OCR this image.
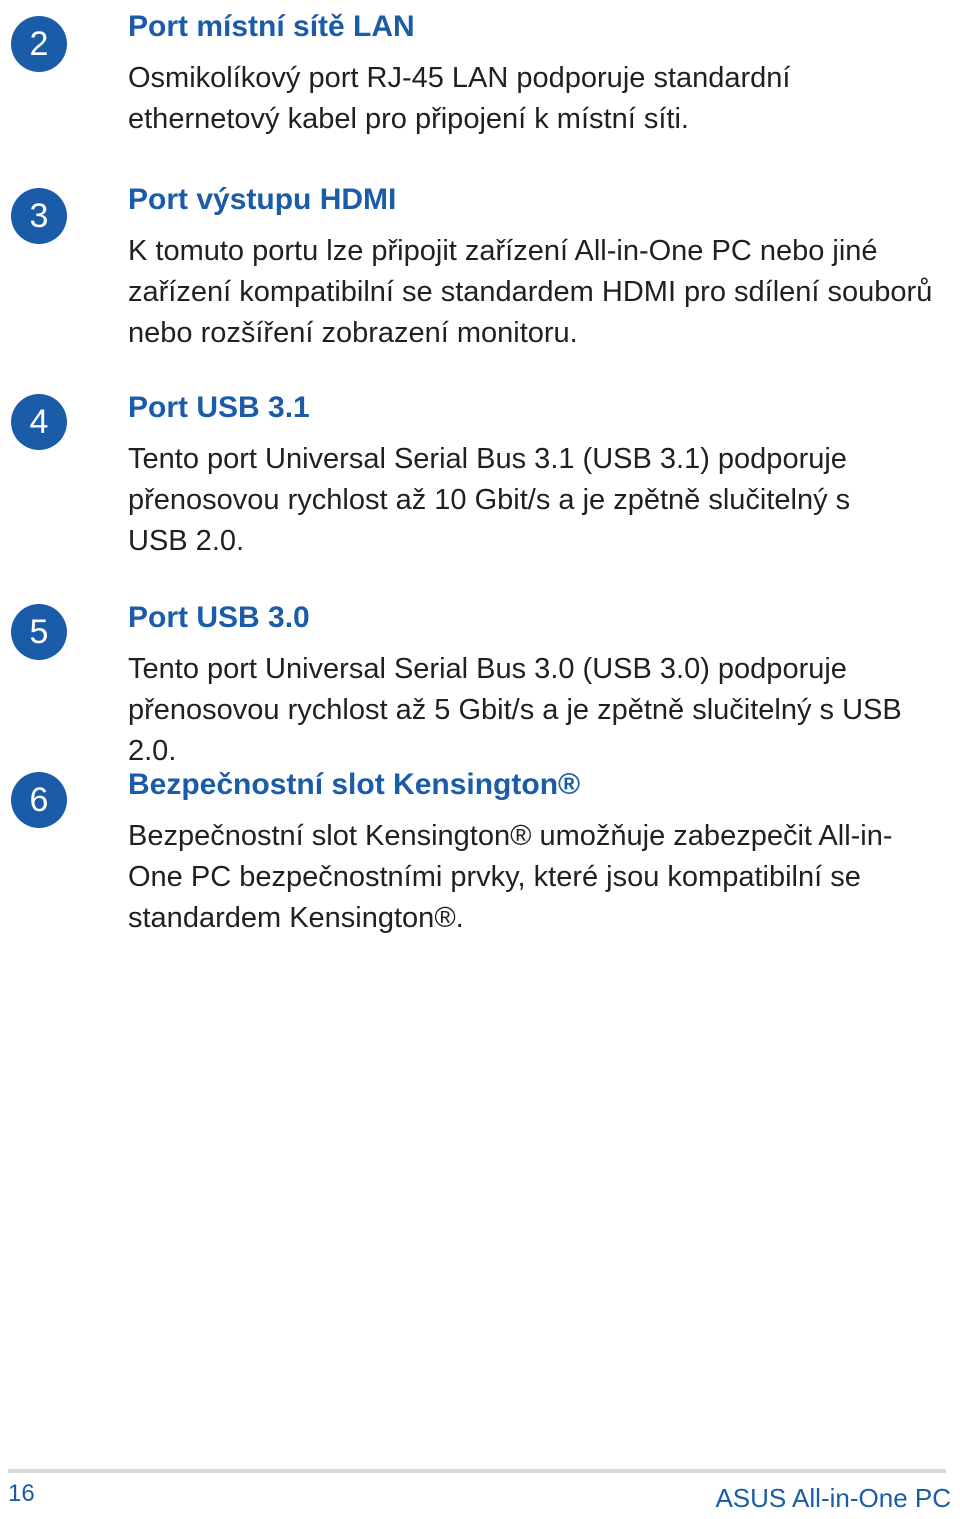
2	Port místní sítě LAN

Osmikolíkový port RJ-45 LAN podporuje standardní ethernetový kabel pro připojení k místní síti.

3	Port výstupu HDMI

K tomuto portu lze připojit zařízení All-in-One PC nebo jiné zařízení kompatibilní se standardem HDMI pro sdílení souborů nebo rozšíření zobrazení monitoru.

4	Port USB 3.1

Tento port Universal Serial Bus 3.1 (USB 3.1) podporuje přenosovou rychlost až 10 Gbit/s a je zpětně slučitelný s USB 2.0.

5	Port USB 3.0

Tento port Universal Serial Bus 3.0 (USB 3.0) podporuje přenosovou rychlost až 5 Gbit/s a je zpětně slučitelný s USB 2.0.

6	Bezpečnostní slot Kensington®

Bezpečnostní slot Kensington® umožňuje zabezpečit All-in-One PC bezpečnostními prvky, které jsou kompatibilní se standardem Kensington®.

16	ASUS All-in-One PC
